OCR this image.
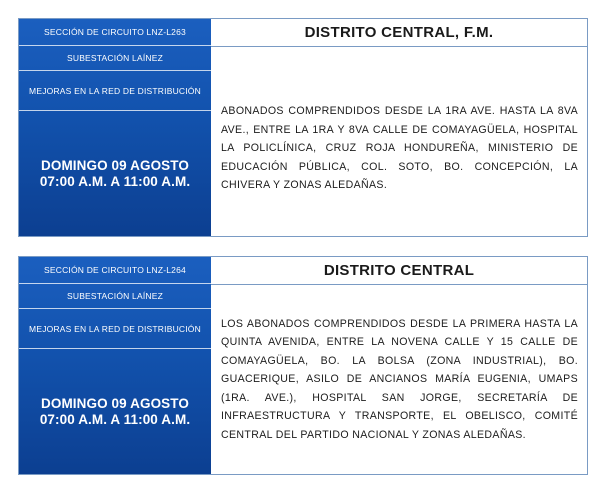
SECCIÓN DE CIRCUITO LNZ-L263
SUBESTACIÓN LAÍNEZ
MEJORAS EN LA RED DE DISTRIBUCIÓN
DOMINGO 09 AGOSTO
07:00 A.M. A 11:00 A.M.
DISTRITO CENTRAL, F.M.

ABONADOS COMPRENDIDOS DESDE LA 1RA AVE. HASTA LA 8VA AVE., ENTRE LA 1RA Y 8VA CALLE DE COMAYAGÜELA, HOSPITAL LA POLICLÍNICA, CRUZ ROJA HONDUREÑA, MINISTERIO DE EDUCACIÓN PÚBLICA, COL. SOTO, BO. CONCEPCIÓN, LA CHIVERA Y ZONAS ALEDAÑAS.

SECCIÓN DE CIRCUITO LNZ-L264
SUBESTACIÓN LAÍNEZ
MEJORAS EN LA RED DE DISTRIBUCIÓN
DOMINGO 09 AGOSTO
07:00 A.M. A 11:00 A.M.
DISTRITO CENTRAL

LOS ABONADOS COMPRENDIDOS DESDE LA PRIMERA HASTA LA QUINTA AVENIDA, ENTRE LA NOVENA CALLE Y 15 CALLE DE COMAYAGÜELA, BO. LA BOLSA (ZONA INDUSTRIAL), BO. GUACERIQUE, ASILO DE ANCIANOS MARÍA EUGENIA, UMAPS (1RA. AVE.), HOSPITAL SAN JORGE, SECRETARÍA DE INFRAESTRUCTURA Y TRANSPORTE, EL OBELISCO, COMITÉ CENTRAL DEL PARTIDO NACIONAL Y ZONAS ALEDAÑAS.
